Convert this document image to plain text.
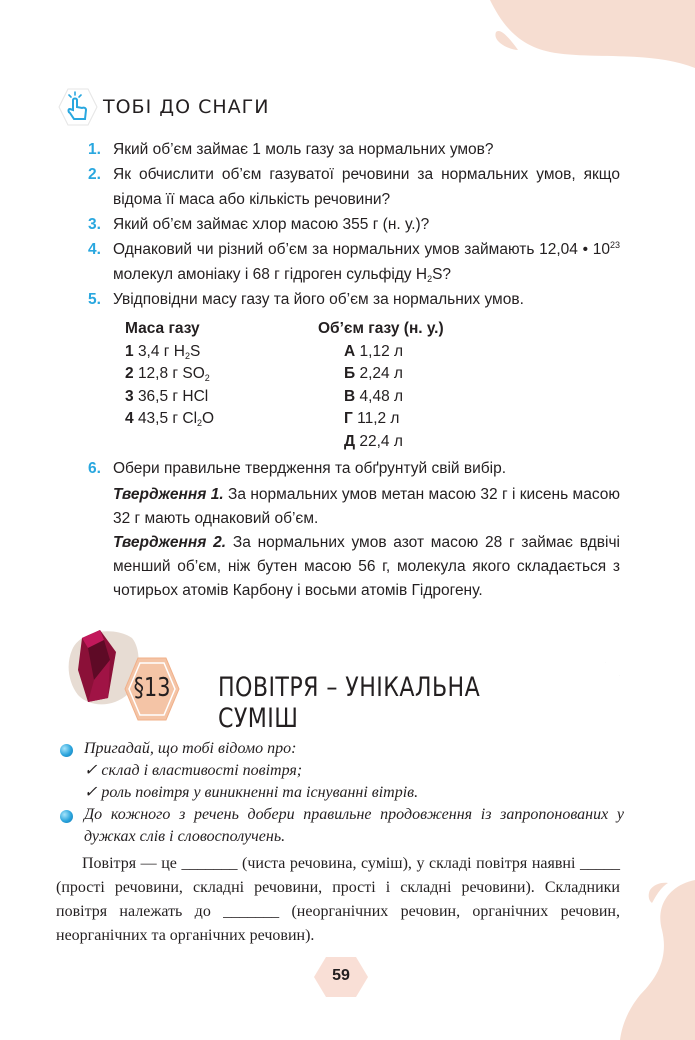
ТОБІ ДО СНАГИ
1. Який об’єм займає 1 моль газу за нормальних умов?
2. Як обчислити об’єм газуватої речовини за нормальних умов, якщо відома її маса або кількість речовини?
3. Який об’єм займає хлор масою 355 г (н. у.)?
4. Однаковий чи різний об’єм за нормальних умов займають 12,04 • $10^{23}$ молекул амоніаку і 68 г гідроген сульфіду $H_2S$?
5. Увідповідни масу газу та його об’єм за нормальних умов.
Маса газу
1 3,4 г $H_2S$
2 12,8 г $SO_2$
3 36,5 г HCl
4 43,5 г $Cl_2O$
Об’єм газу (н. у.)
А 1,12 л
Б 2,24 л
В 4,48 л
Г 11,2 л
Д 22,4 л
6. Обери правильне твердження та обґрунтуй свій вибір.
Твердження 1. За нормальних умов метан масою 32 г і кисень масою 32 г мають однаковий об’єм.
Твердження 2. За нормальних умов азот масою 28 г займає вдвічі менший об’єм, ніж бутен масою 56 г, молекула якого складається з чотирьох атомів Карбону і восьми атомів Гідрогену.
§13 ПОВІТРЯ – УНІКАЛЬНА СУМІШ
Пригадай, що тобі відомо про:
✓ склад і властивості повітря;
✓ роль повітря у виникненні та існуванні вітрів.
До кожного з речень добери правильне продовження із запропонованих у дужках слів і словосполучень.
Повітря — це _______ (чиста речовина, суміш), у складі повітря наявні _____ (прості речовини, складні речовини, прості і складні речовини). Складники повітря належать до _______ (неорганічних речовин, органічних речовин, неорганічних та органічних речовин).
59
